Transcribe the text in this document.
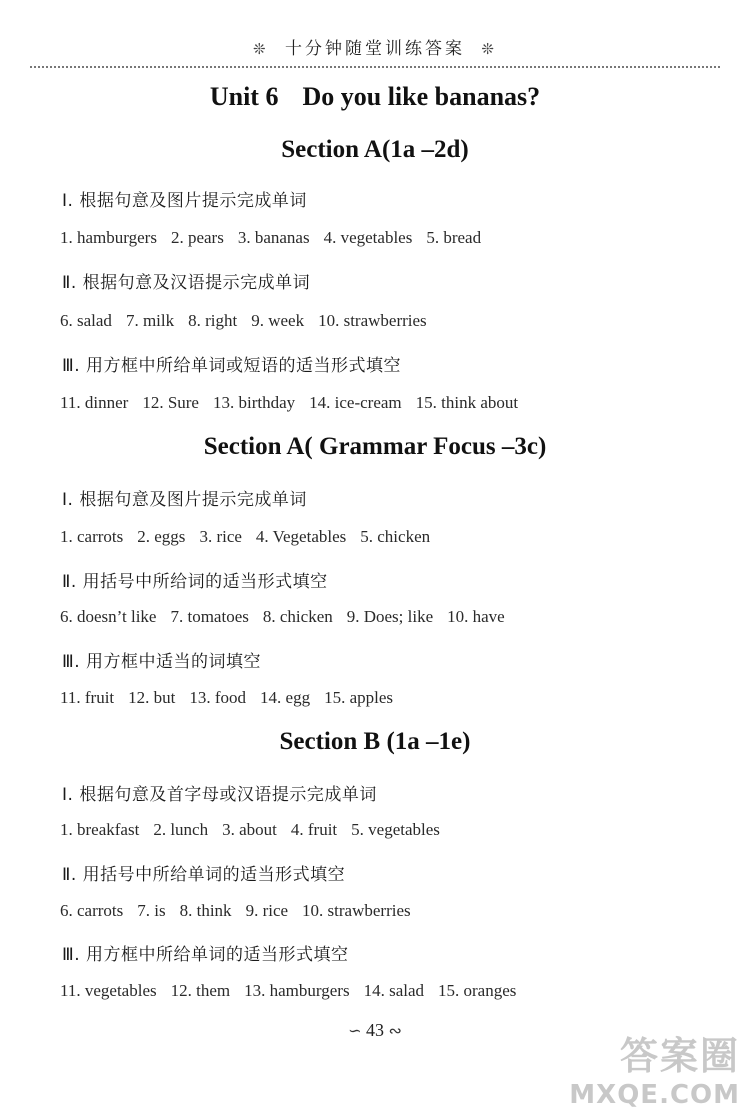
❊ 十分钟随堂训练答案 ❊
Unit 6 Do you like bananas?
Section A(1a –2d)
Ⅰ. 根据句意及图片提示完成单词
1. hamburgers 2. pears 3. bananas 4. vegetables 5. bread
Ⅱ. 根据句意及汉语提示完成单词
6. salad 7. milk 8. right 9. week 10. strawberries
Ⅲ. 用方框中所给单词或短语的适当形式填空
11. dinner 12. Sure 13. birthday 14. ice-cream 15. think about
Section A( Grammar Focus –3c)
Ⅰ. 根据句意及图片提示完成单词
1. carrots 2. eggs 3. rice 4. Vegetables 5. chicken
Ⅱ. 用括号中所给词的适当形式填空
6. doesn’t like 7. tomatoes 8. chicken 9. Does; like 10. have
Ⅲ. 用方框中适当的词填空
11. fruit 12. but 13. food 14. egg 15. apples
Section B (1a –1e)
Ⅰ. 根据句意及首字母或汉语提示完成单词
1. breakfast 2. lunch 3. about 4. fruit 5. vegetables
Ⅱ. 用括号中所给单词的适当形式填空
6. carrots 7. is 8. think 9. rice 10. strawberries
Ⅲ. 用方框中所给单词的适当形式填空
11. vegetables 12. them 13. hamburgers 14. salad 15. oranges
∽ 43 ∾
答案圈
MXQE.COM
